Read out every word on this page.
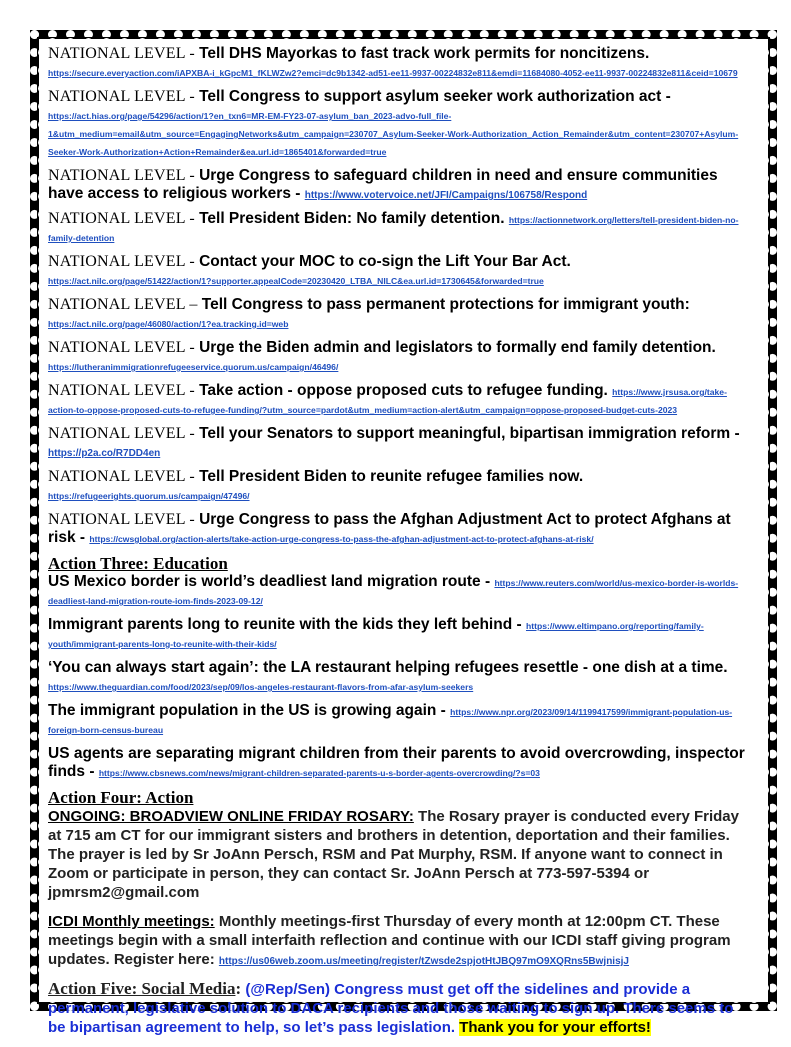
NATIONAL LEVEL - Tell DHS Mayorkas to fast track work permits for noncitizens.
https://secure.everyaction.com/iAPXBA-i_kGpcM1_fKLWZw2?emci=dc9b1342-ad51-ee11-9937-00224832e811&emdi=11684080-4052-ee11-9937-00224832e811&ceid=10679
NATIONAL LEVEL - Tell Congress to support asylum seeker work authorization act -
https://act.hias.org/page/54296/action/1?en_txn6=MR-EM-FY23-07-asylum_ban_2023-advo-full_file-1&utm_medium=email&utm_source=EngagingNetworks&utm_campaign=230707_Asylum-Seeker-Work-Authorization_Action_Remainder&utm_content=230707+Asylum-Seeker-Work-Authorization+Action+Remainder&ea.url.id=1865401&forwarded=true
NATIONAL LEVEL - Urge Congress to safeguard children in need and ensure communities have access to religious workers - https://www.votervoice.net/JFI/Campaigns/106758/Respond
NATIONAL LEVEL - Tell President Biden: No family detention. https://actionnetwork.org/letters/tell-president-biden-no-family-detention
NATIONAL LEVEL - Contact your MOC to co-sign the Lift Your Bar Act.
https://act.nilc.org/page/51422/action/1?supporter.appealCode=20230420_LTBA_NILC&ea.url.id=1730645&forwarded=true
NATIONAL LEVEL – Tell Congress to pass permanent protections for immigrant youth:
https://act.nilc.org/page/46080/action/1?ea.tracking.id=web
NATIONAL LEVEL - Urge the Biden admin and legislators to formally end family detention.
https://lutheranimmigrationrefugeeservice.quorum.us/campaign/46496/
NATIONAL LEVEL - Take action - oppose proposed cuts to refugee funding. https://www.jrsusa.org/take-action-to-oppose-proposed-cuts-to-refugee-funding/?utm_source=pardot&utm_medium=action-alert&utm_campaign=oppose-proposed-budget-cuts-2023
NATIONAL LEVEL - Tell your Senators to support meaningful, bipartisan immigration reform -
https://p2a.co/R7DD4en
NATIONAL LEVEL - Tell President Biden to reunite refugee families now.
https://refugeerights.quorum.us/campaign/47496/
NATIONAL LEVEL - Urge Congress to pass the Afghan Adjustment Act to protect Afghans at risk - https://cwsglobal.org/action-alerts/take-action-urge-congress-to-pass-the-afghan-adjustment-act-to-protect-afghans-at-risk/
Action Three: Education
US Mexico border is world’s deadliest land migration route - https://www.reuters.com/world/us-mexico-border-is-worlds-deadliest-land-migration-route-iom-finds-2023-09-12/
Immigrant parents long to reunite with the kids they left behind - https://www.eltimpano.org/reporting/family-youth/immigrant-parents-long-to-reunite-with-their-kids/
‘You can always start again’: the LA restaurant helping refugees resettle - one dish at a time.
https://www.theguardian.com/food/2023/sep/09/los-angeles-restaurant-flavors-from-afar-asylum-seekers
The immigrant population in the US is growing again - https://www.npr.org/2023/09/14/1199417599/immigrant-population-us-foreign-born-census-bureau
US agents are separating migrant children from their parents to avoid overcrowding, inspector finds - https://www.cbsnews.com/news/migrant-children-separated-parents-u-s-border-agents-overcrowding/?s=03
Action Four: Action
ONGOING: BROADVIEW ONLINE FRIDAY ROSARY: The Rosary prayer is conducted every Friday at 715 am CT for our immigrant sisters and brothers in detention, deportation and their families. The prayer is led by Sr JoAnn Persch, RSM and Pat Murphy, RSM. If anyone want to connect in Zoom or participate in person, they can contact Sr. JoAnn Persch at 773-597-5394 or jpmrsm2@gmail.com
ICDI Monthly meetings: Monthly meetings-first Thursday of every month at 12:00pm CT. These meetings begin with a small interfaith reflection and continue with our ICDI staff giving program updates. Register here: https://us06web.zoom.us/meeting/register/tZwsde2spjotHtJBQ97mO9XQRns5BwjnisjJ
Action Five: Social Media: (@Rep/Sen) Congress must get off the sidelines and provide a permanent, legislative solution to DACA recipients and those waiting to sign up. There seems to be bipartisan agreement to help, so let’s pass legislation. Thank you for your efforts!
